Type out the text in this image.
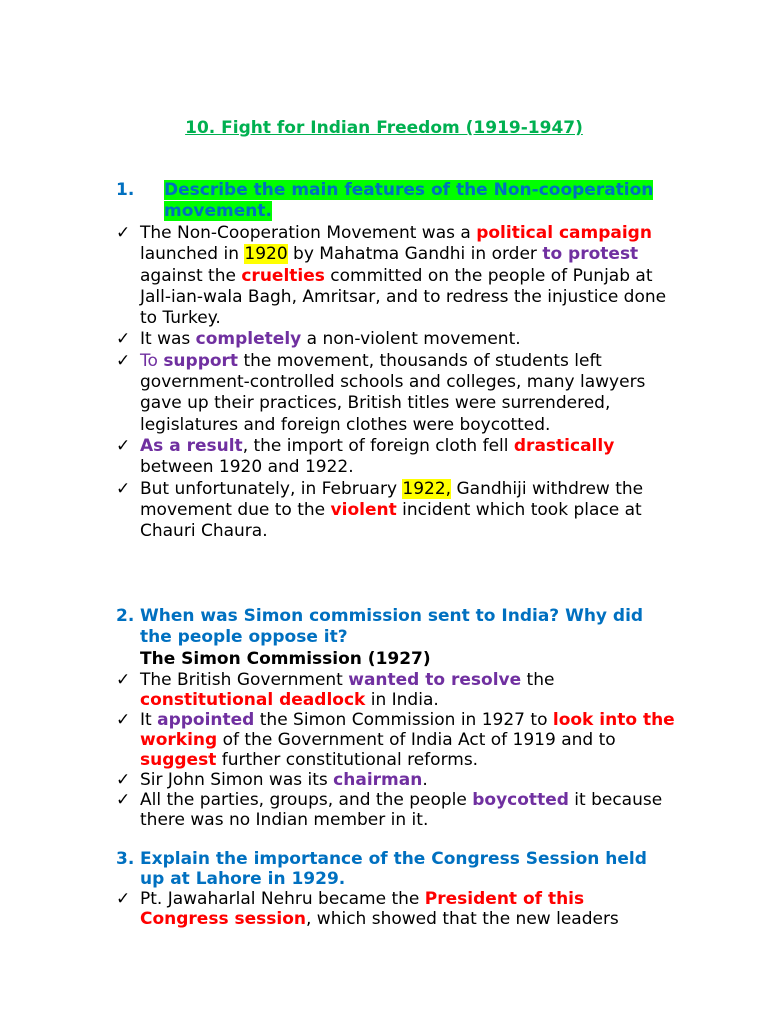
10. Fight for Indian Freedom (1919-1947)
1.	Describe the main features of the Non-cooperation movement.
✓ The Non-Cooperation Movement was a political campaign launched in 1920 by Mahatma Gandhi in order to protest against the cruelties committed on the people of Punjab at Jall-ian-wala Bagh, Amritsar, and to redress the injustice done to Turkey.
✓ It was completely a non-violent movement.
✓ To support the movement, thousands of students left government-controlled schools and colleges, many lawyers gave up their practices, British titles were surrendered, legislatures and foreign clothes were boycotted.
✓ As a result, the import of foreign cloth fell drastically between 1920 and 1922.
✓ But unfortunately, in February 1922, Gandhiji withdrew the movement due to the violent incident which took place at Chauri Chaura.
2. When was Simon commission sent to India? Why did the people oppose it?
The Simon Commission (1927)
✓ The British Government wanted to resolve the constitutional deadlock in India.
✓ It appointed the Simon Commission in 1927 to look into the working of the Government of India Act of 1919 and to suggest further constitutional reforms.
✓ Sir John Simon was its chairman.
✓ All the parties, groups, and the people boycotted it because there was no Indian member in it.
3. Explain the importance of the Congress Session held up at Lahore in 1929.
✓ Pt. Jawaharlal Nehru became the President of this Congress session, which showed that the new leaders
